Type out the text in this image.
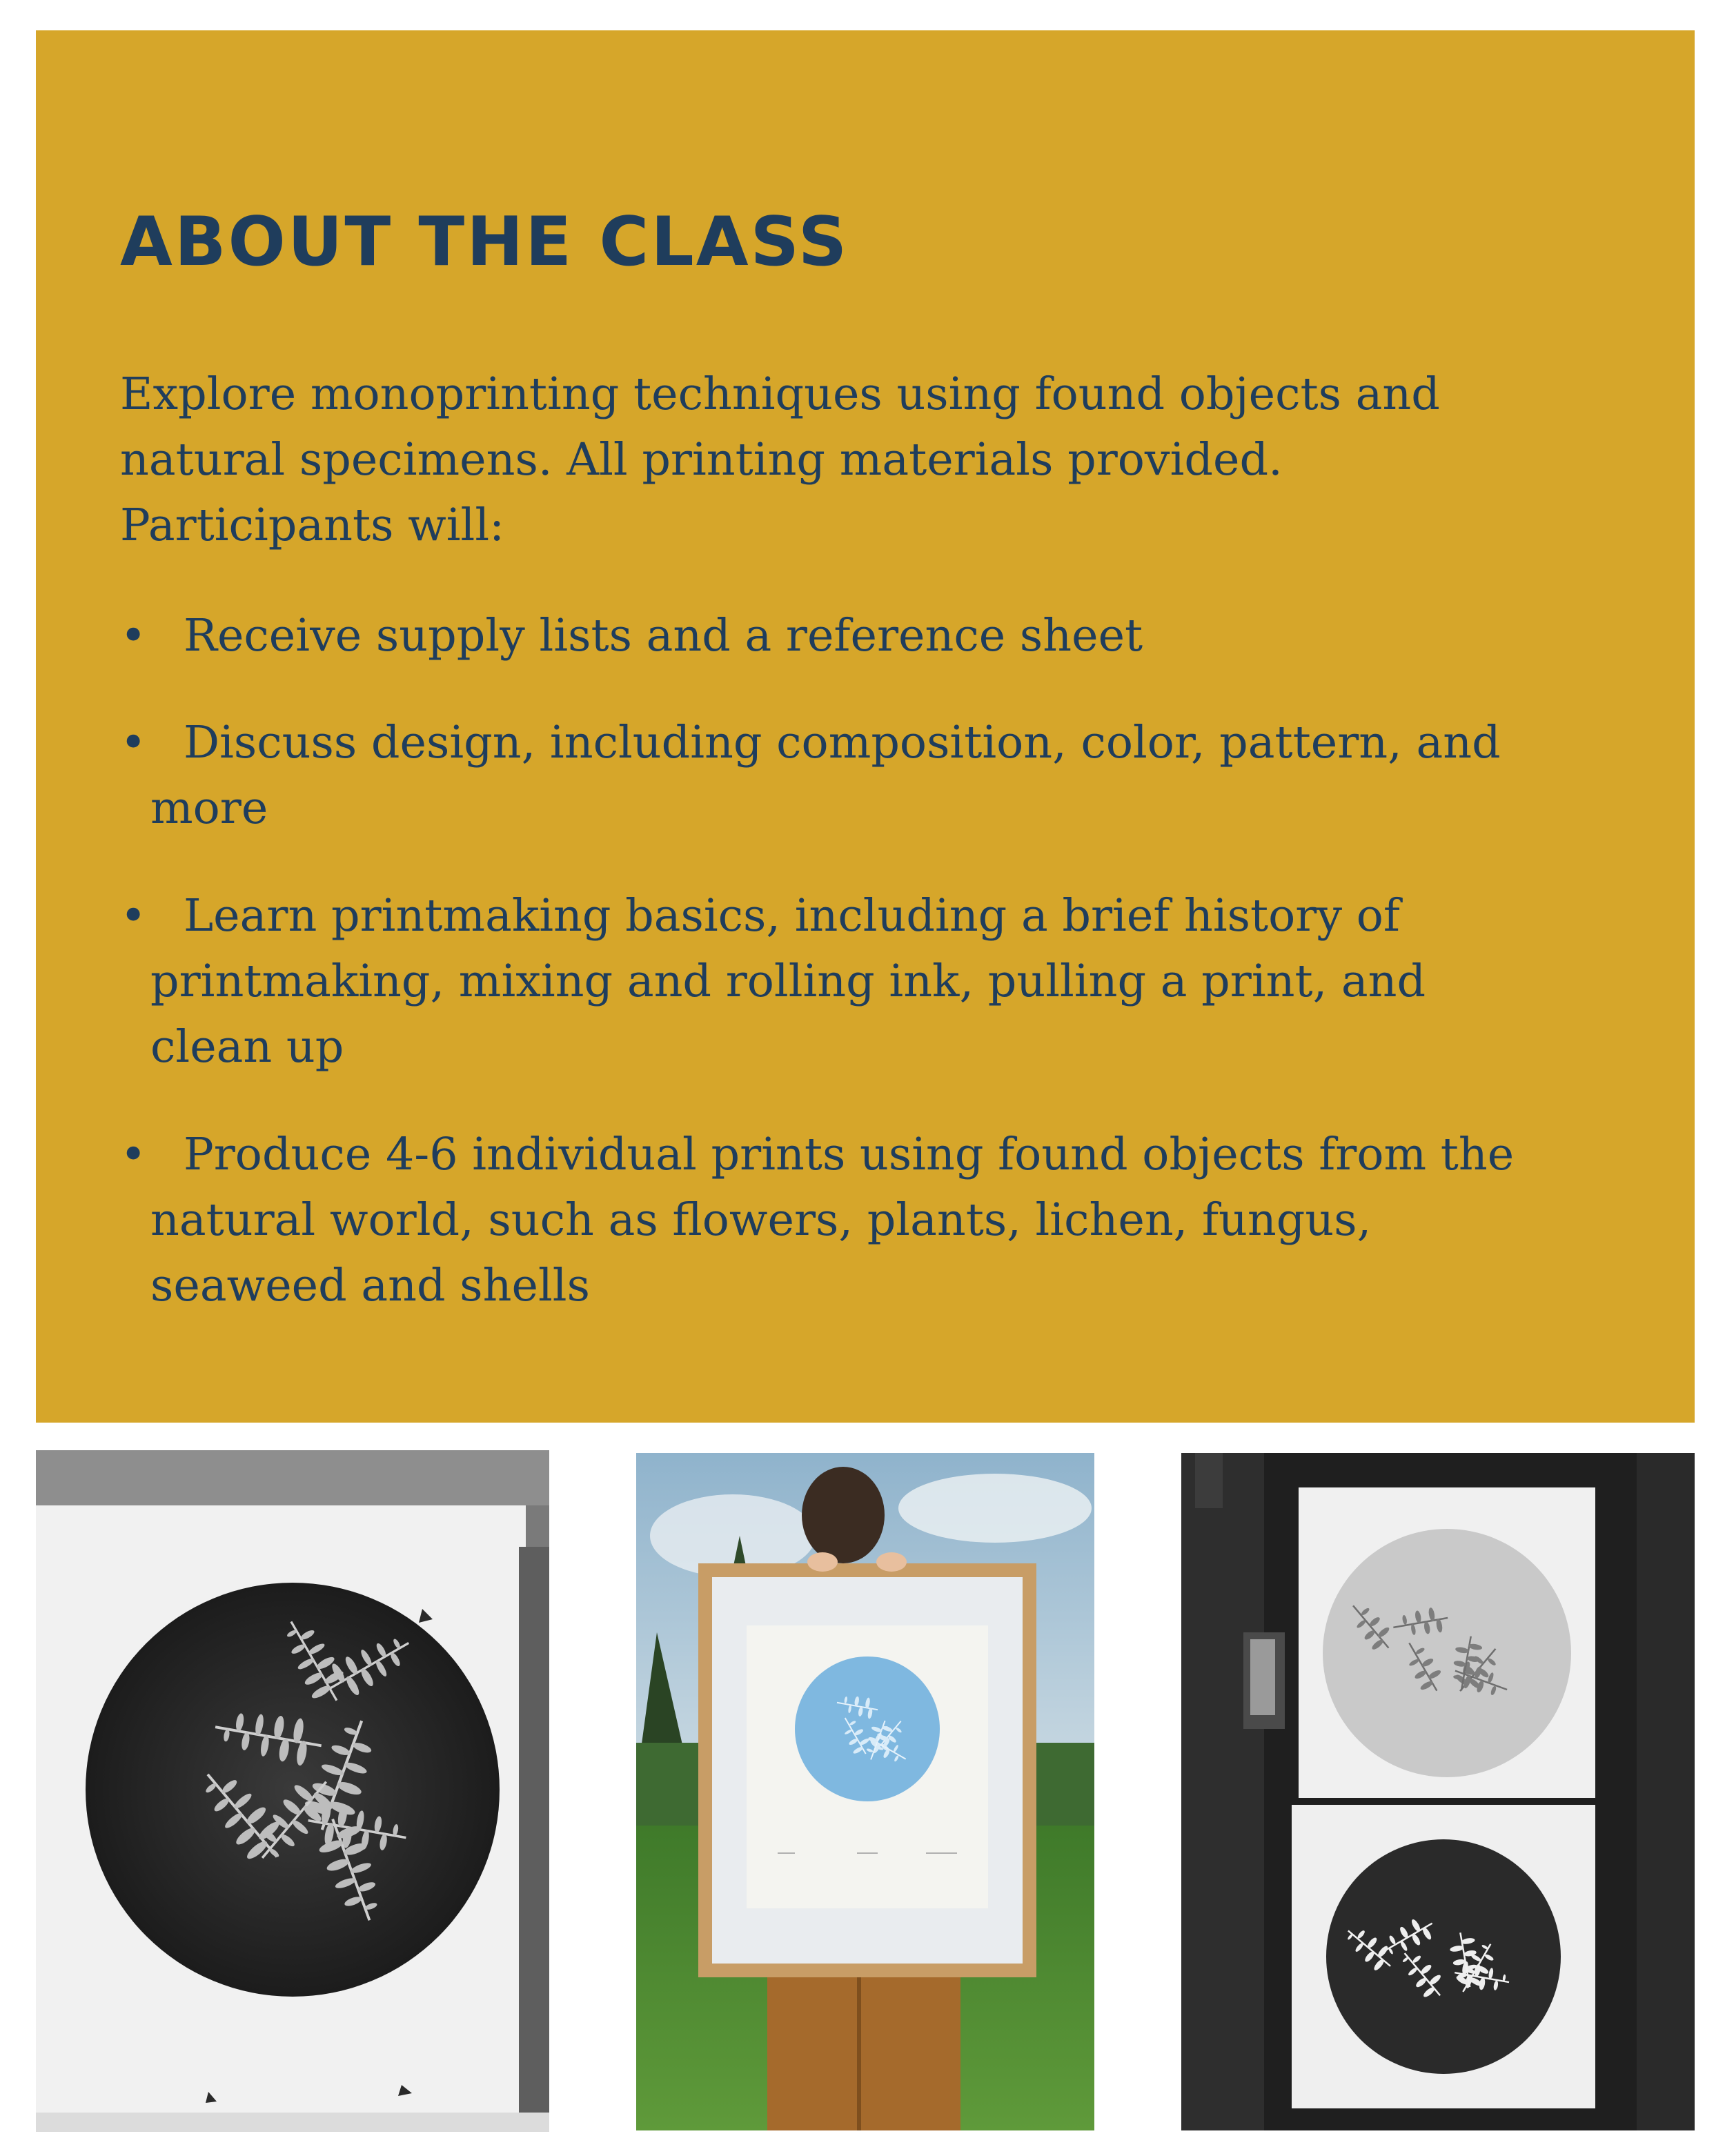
ABOUT THE CLASS

Explore monoprinting techniques using found objects and
natural specimens. All printing materials provided.
Participants will:

• Receive supply lists and a reference sheet
• Discuss design, including composition, color, pattern, and
more
• Learn printmaking basics, including a brief history of
printmaking, mixing and rolling ink, pulling a print, and
clean up
• Produce 4-6 individual prints using found objects from the
natural world, such as flowers, plants, lichen, fungus,
seaweed and shells
